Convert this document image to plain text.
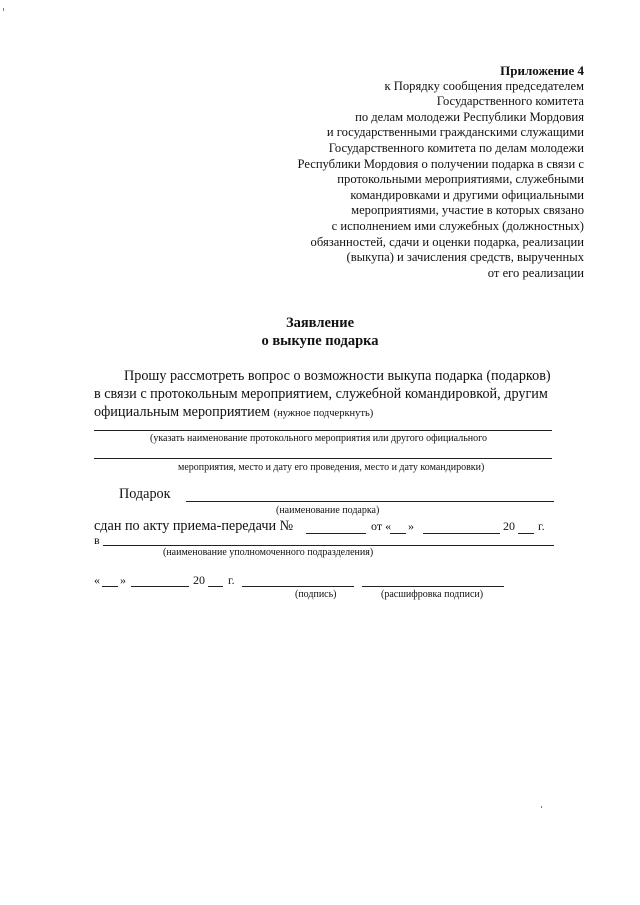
Приложение 4
к Порядку сообщения председателем
Государственного комитета
по делам молодежи Республики Мордовия
и государственными гражданскими служащими
Государственного комитета по делам молодежи
Республики Мордовия о получении подарка в связи с
протокольными мероприятиями, служебными
командировками и другими официальными
мероприятиями, участие в которых связано
с исполнением ими служебных (должностных)
обязанностей, сдачи и оценки подарка, реализации
(выкупа) и зачисления средств, вырученных
от его реализации
Заявление
о выкупе подарка
Прошу рассмотреть вопрос о возможности выкупа подарка (подарков)
в связи с протокольным мероприятием, служебной командировкой, другим
официальным мероприятием (нужное подчеркнуть)
(указать наименование протокольного мероприятия или другого официального
мероприятия, место и дату его проведения, место и дату командировки)
Подарок
(наименование подарка)
сдан по акту приема-передачи №	от « »	20 г.
в
(наименование уполномоченного подразделения)
« »	20 г.
(подпись)	(расшифровка подписи)
